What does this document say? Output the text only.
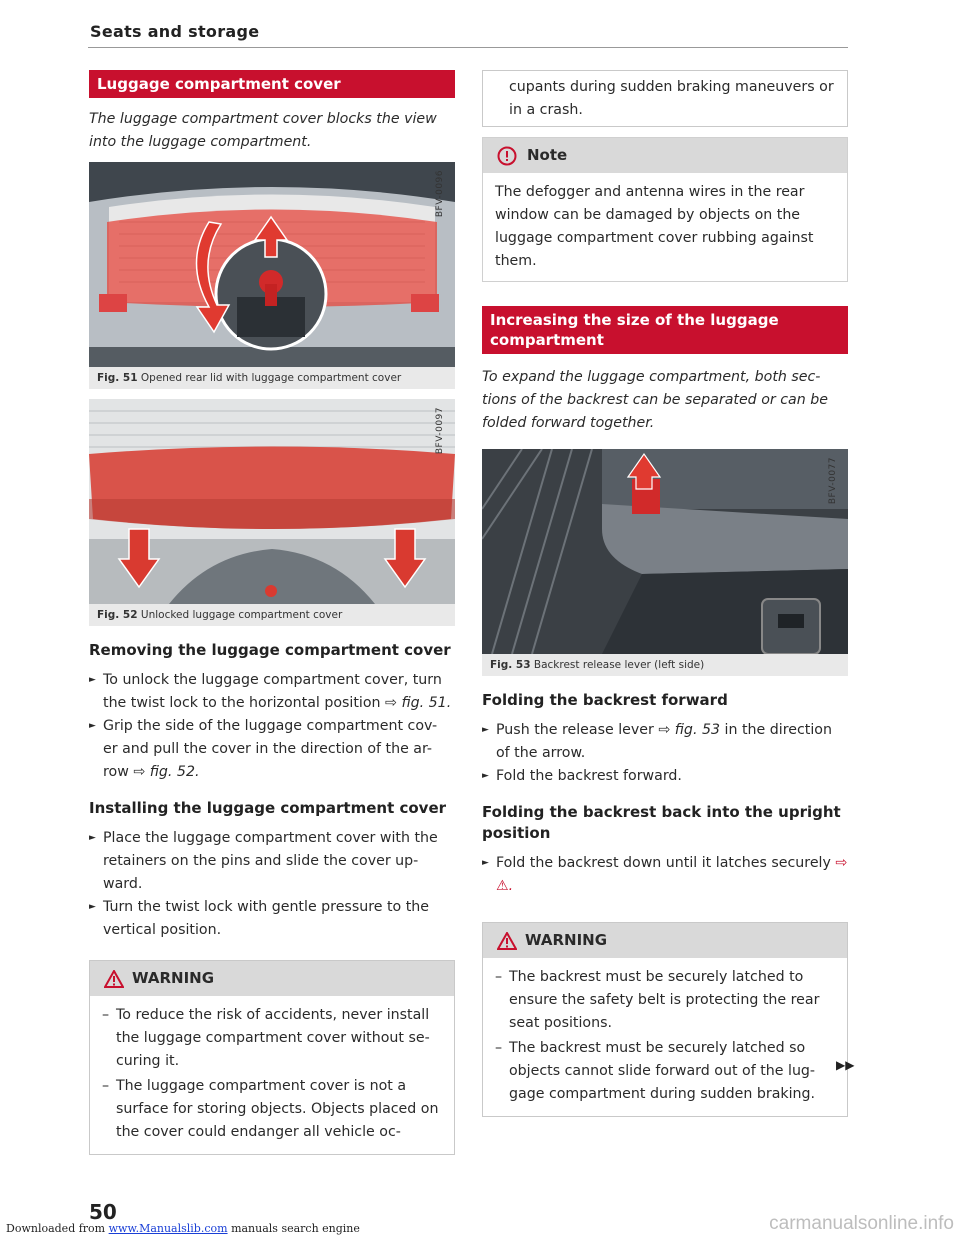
Seats and storage
Luggage compartment cover
The luggage compartment cover blocks the view into the luggage compartment.
BFV-0096
Fig. 51 Opened rear lid with luggage compartment cover
BFV-0097
Fig. 52 Unlocked luggage compartment cover
Removing the luggage compartment cover
► To unlock the luggage compartment cover, turn the twist lock to the horizontal position ⇨ fig. 51.
► Grip the side of the luggage compartment cov- er and pull the cover in the direction of the ar- row ⇨ fig. 52.
Installing the luggage compartment cover
► Place the luggage compartment cover with the retainers on the pins and slide the cover up- ward.
► Turn the twist lock with gentle pressure to the vertical position.
WARNING
– To reduce the risk of accidents, never install the luggage compartment cover without se- curing it.
– The luggage compartment cover is not a surface for storing objects. Objects placed on the cover could endanger all vehicle oc-
cupants during sudden braking maneuvers or in a crash.
Note
The defogger and antenna wires in the rear window can be damaged by objects on the luggage compartment cover rubbing against them.
Increasing the size of the luggage compartment
To expand the luggage compartment, both sec- tions of the backrest can be separated or can be folded forward together.
BFV-0077
Fig. 53 Backrest release lever (left side)
Folding the backrest forward
► Push the release lever ⇨ fig. 53 in the direction of the arrow.
► Fold the backrest forward.
Folding the backrest back into the upright position
► Fold the backrest down until it latches securely ⇨ ⚠.
WARNING
– The backrest must be securely latched to ensure the safety belt is protecting the rear seat positions.
– The backrest must be securely latched so objects cannot slide forward out of the lug- gage compartment during sudden braking.
▶▶
50
Downloaded from www.Manualslib.com manuals search engine	carmanualsonline.info
